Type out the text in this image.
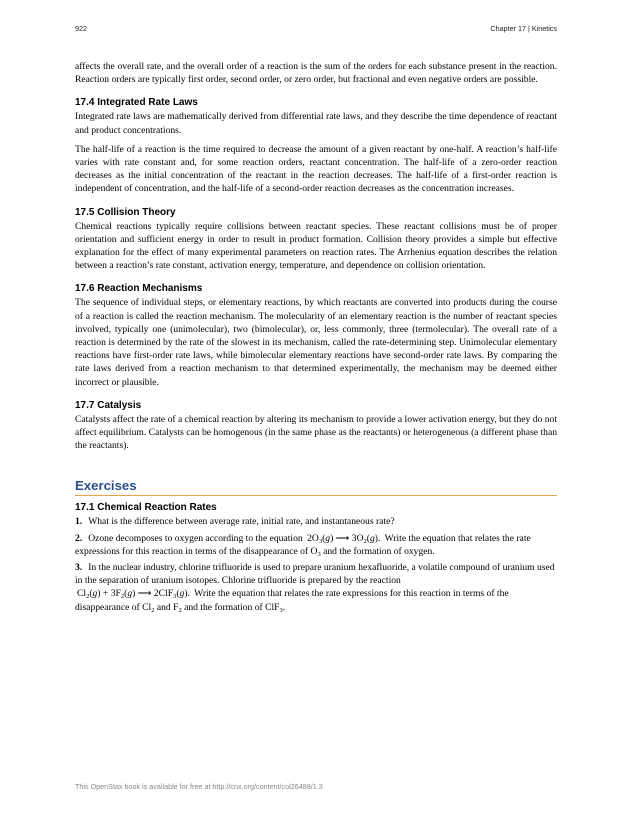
922	Chapter 17 | Kinetics

affects the overall rate, and the overall order of a reaction is the sum of the orders for each substance present in the reaction. Reaction orders are typically first order, second order, or zero order, but fractional and even negative orders are possible.

17.4 Integrated Rate Laws

Integrated rate laws are mathematically derived from differential rate laws, and they describe the time dependence of reactant and product concentrations.

The half-life of a reaction is the time required to decrease the amount of a given reactant by one-half. A reaction’s half-life varies with rate constant and, for some reaction orders, reactant concentration. The half-life of a zero-order reaction decreases as the initial concentration of the reactant in the reaction decreases. The half-life of a first-order reaction is independent of concentration, and the half-life of a second-order reaction decreases as the concentration increases.

17.5 Collision Theory

Chemical reactions typically require collisions between reactant species. These reactant collisions must be of proper orientation and sufficient energy in order to result in product formation. Collision theory provides a simple but effective explanation for the effect of many experimental parameters on reaction rates. The Arrhenius equation describes the relation between a reaction’s rate constant, activation energy, temperature, and dependence on collision orientation.

17.6 Reaction Mechanisms

The sequence of individual steps, or elementary reactions, by which reactants are converted into products during the course of a reaction is called the reaction mechanism. The molecularity of an elementary reaction is the number of reactant species involved, typically one (unimolecular), two (bimolecular), or, less commonly, three (termolecular). The overall rate of a reaction is determined by the rate of the slowest in its mechanism, called the rate-determining step. Unimolecular elementary reactions have first-order rate laws, while bimolecular elementary reactions have second-order rate laws. By comparing the rate laws derived from a reaction mechanism to that determined experimentally, the mechanism may be deemed either incorrect or plausible.

17.7 Catalysis

Catalysts affect the rate of a chemical reaction by altering its mechanism to provide a lower activation energy, but they do not affect equilibrium. Catalysts can be homogenous (in the same phase as the reactants) or heterogeneous (a different phase than the reactants).

Exercises
17.1 Chemical Reaction Rates

1. What is the difference between average rate, initial rate, and instantaneous rate?

2. Ozone decomposes to oxygen according to the equation $2O_3(g)$ ⟶ $3O_2(g)$. Write the equation that relates the rate expressions for this reaction in terms of the disappearance of $O_3$ and the formation of oxygen.

3. In the nuclear industry, chlorine trifluoride is used to prepare uranium hexafluoride, a volatile compound of uranium used in the separation of uranium isotopes. Chlorine trifluoride is prepared by the reaction
$Cl_2(g) + 3F_2(g)$ ⟶ 2ClF$_3$(g). Write the equation that relates the rate expressions for this reaction in terms of the disappearance of $Cl_2$ and $F_2$ and the formation of ClF$_3$.

This OpenStax book is available for free at http://cnx.org/content/col26488/1.3
